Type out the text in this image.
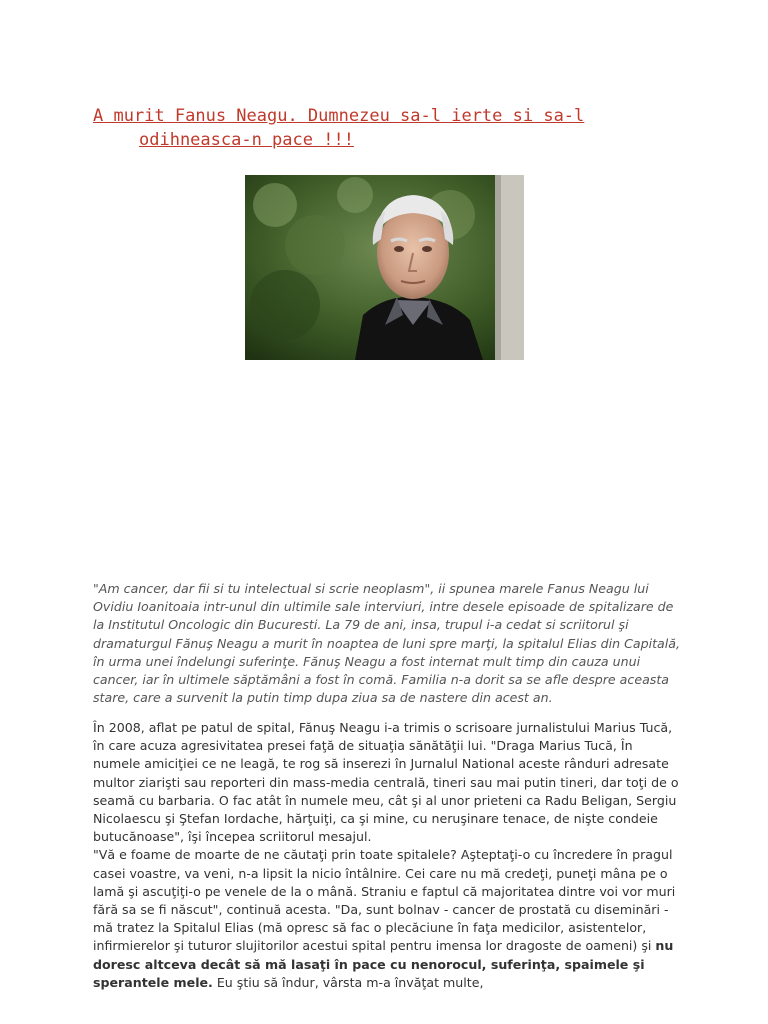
A murit Fanus Neagu. Dumnezeu sa-l ierte si sa-l
odihneasca-n pace !!!

"Am cancer, dar fii si tu intelectual si scrie neoplasm", ii spunea marele Fanus Neagu lui Ovidiu Ioanitoaia intr-unul din ultimile sale interviuri, intre desele episoade de spitalizare de la Institutul Oncologic din Bucuresti. La 79 de ani, insa, trupul i-a cedat si scriitorul şi dramaturgul Fănuş Neagu a murit în noaptea de luni spre marţi, la spitalul Elias din Capitală, în urma unei îndelungi suferinţe. Fănuş Neagu a fost internat mult timp din cauza unui cancer, iar în ultimele săptămâni a fost în comă. Familia n-a dorit sa se afle despre aceasta stare, care a survenit la putin timp dupa ziua sa de nastere din acest an.

În 2008, aflat pe patul de spital, Fănuş Neagu i-a trimis o scrisoare jurnalistului Marius Tucă, în care acuza agresivitatea presei faţă de situaţia sănătăţii lui. "Draga Marius Tucă, În numele amiciţiei ce ne leagă, te rog să inserezi în Jurnalul National aceste rânduri adresate multor ziarişti sau reporteri din mass-media centrală, tineri sau mai putin tineri, dar toţi de o seamă cu barbaria. O fac atât în numele meu, cât şi al unor prieteni ca Radu Beligan, Sergiu Nicolaescu şi Ştefan Iordache, hărţuiţi, ca şi mine, cu neruşinare tenace, de nişte condeie butucănoase", îşi începea scriitorul mesajul.
"Vă e foame de moarte de ne căutaţi prin toate spitalele? Aşteptaţi-o cu încredere în pragul casei voastre, va veni, n-a lipsit la nicio întâlnire. Cei care nu mă credeţi, puneţi mâna pe o lamă şi ascuţiţi-o pe venele de la o mână. Straniu e faptul că majoritatea dintre voi vor muri fără sa se fi născut", continuă acesta. "Da, sunt bolnav - cancer de prostată cu diseminări - mă tratez la Spitalul Elias (mă opresc să fac o plecăciune în faţa medicilor, asistentelor, infirmierelor şi tuturor slujitorilor acestui spital pentru imensa lor dragoste de oameni) şi nu doresc altceva decât să mă lasaţi în pace cu nenorocul, suferinţa, spaimele şi sperantele mele. Eu ştiu să îndur, vârsta m-a învăţat multe,
